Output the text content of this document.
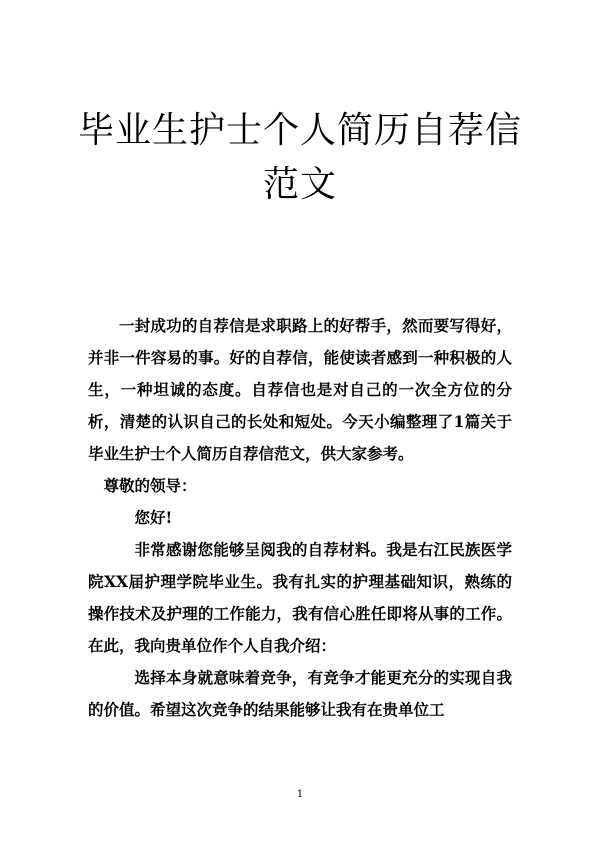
毕业生护士个人简历自荐信范文

一封成功的自荐信是求职路上的好帮手，然而要写得好，并非一件容易的事。好的自荐信，能使读者感到一种积极的人生，一种坦诚的态度。自荐信也是对自己的一次全方位的分析，清楚的认识自己的长处和短处。今天小编整理了1篇关于毕业生护士个人简历自荐信范文，供大家参考。

尊敬的领导：

您好!

非常感谢您能够呈阅我的自荐材料。我是右江民族医学院XX届护理学院毕业生。我有扎实的护理基础知识，熟练的操作技术及护理的工作能力，我有信心胜任即将从事的工作。在此，我向贵单位作个人自我介绍：

选择本身就意味着竞争，有竞争才能更充分的实现自我的价值。希望这次竞争的结果能够让我有在贵单位工

1
